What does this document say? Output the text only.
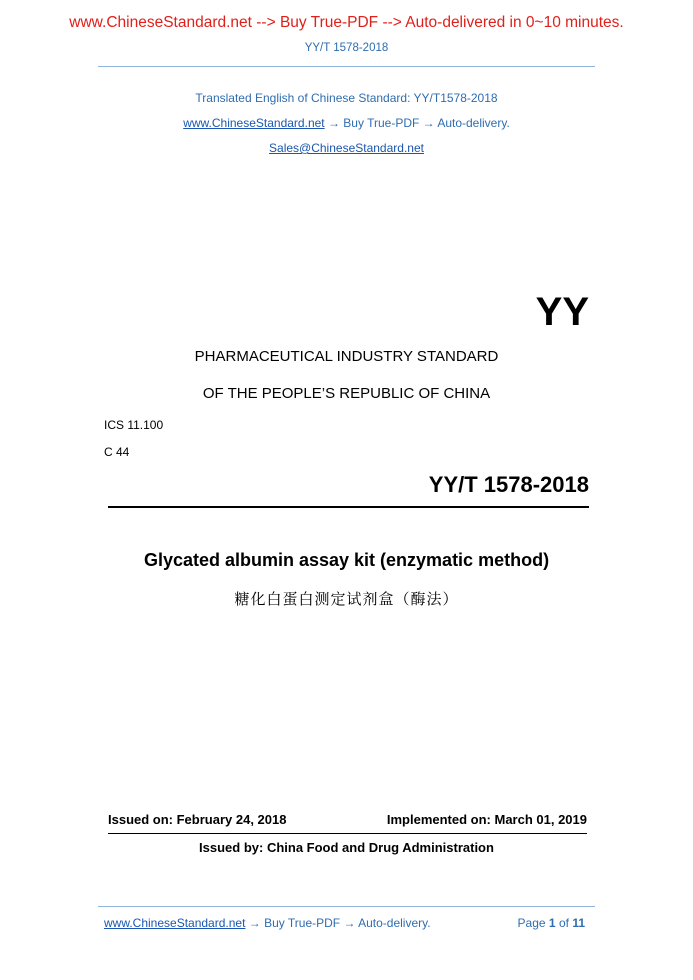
www.ChineseStandard.net --> Buy True-PDF --> Auto-delivered in 0~10 minutes.
YY/T 1578-2018
Translated English of Chinese Standard: YY/T1578-2018
www.ChineseStandard.net → Buy True-PDF → Auto-delivery.
Sales@ChineseStandard.net
YY
PHARMACEUTICAL INDUSTRY STANDARD
OF THE PEOPLE’S REPUBLIC OF CHINA
ICS 11.100
C 44
YY/T 1578-2018
Glycated albumin assay kit (enzymatic method)
糖化白蛋白测定试剂盒（酶法）
Issued on: February 24, 2018	Implemented on: March 01, 2019
Issued by: China Food and Drug Administration
www.ChineseStandard.net → Buy True-PDF → Auto-delivery.	Page 1 of 11
